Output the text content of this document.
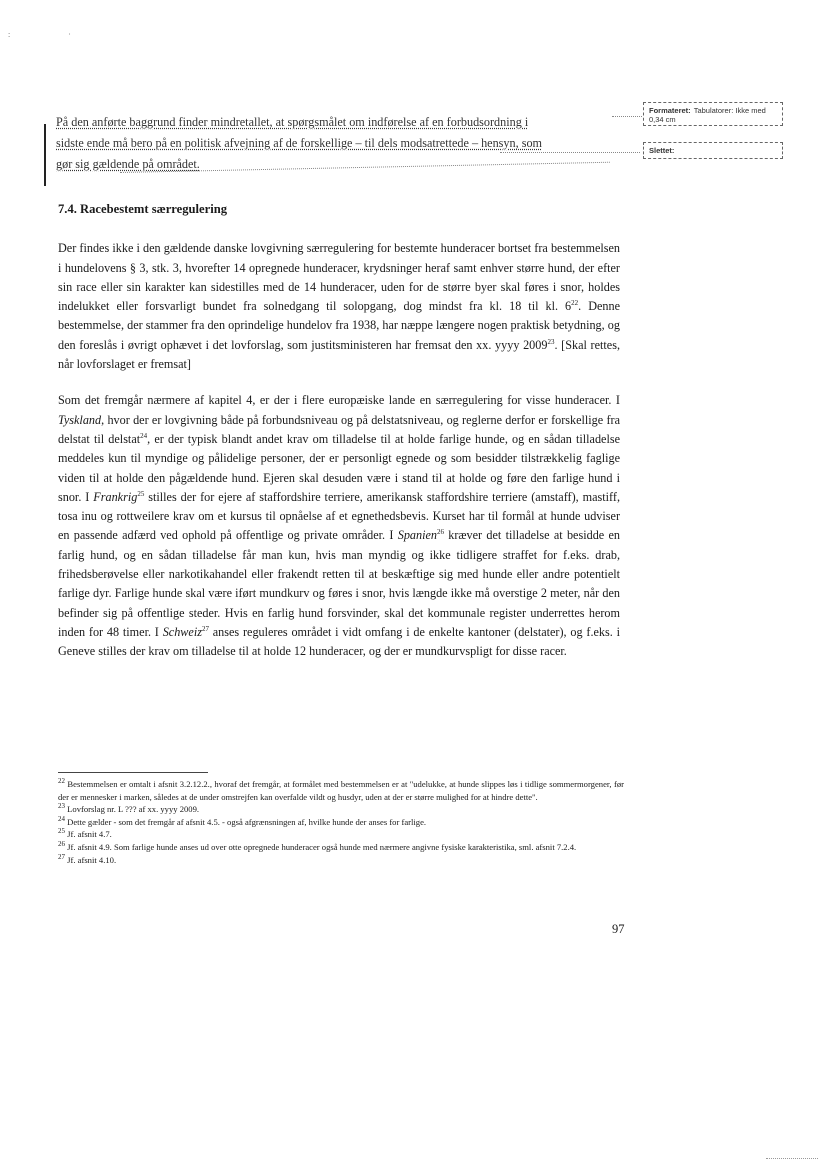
: ·

På den anførte baggrund finder mindretallet, at spørgsmålet om indførelse af en forbudsordning i

sidste ende må bero på en politisk afvejning af de forskellige – til dels modsatrettede – hensyn, som

gør sig gældende på området.

Formateret: Tabulatorer: Ikke med 0,34 cm
Slettet:
7.4. Racebestemt særregulering

Der findes ikke i den gældende danske lovgivning særregulering for bestemte hunderacer bortset fra bestemmelsen i hundelovens § 3, stk. 3, hvorefter 14 opregnede hunderacer, krydsninger heraf samt enhver større hund, der efter sin race eller sin karakter kan sidestilles med de 14 hunderacer, uden for de større byer skal føres i snor, holdes indelukket eller forsvarligt bundet fra solnedgang til solopgang, dog mindst fra kl. 18 til kl. $6^{22}$. Denne bestemmelse, der stammer fra den oprindelige hundelov fra 1938, har næppe længere nogen praktisk betydning, og den foreslås i øvrigt ophævet i det lovforslag, som justitsministeren har fremsat den xx. yyyy 2009$^{23}$. [Skal rettes, når lovforslaget er fremsat]

Som det fremgår nærmere af kapitel 4, er der i flere europæiske lande en særregulering for visse hunderacer. I Tyskland, hvor der er lovgivning både på forbundsniveau og på delstatsniveau, og reglerne derfor er forskellige fra delstat til delstat$^{24}$, er der typisk blandt andet krav om tilladelse til at holde farlige hunde, og en sådan tilladelse meddeles kun til myndige og pålidelige personer, der er personligt egnede og som besidder tilstrækkelig faglige viden til at holde den pågældende hund. Ejeren skal desuden være i stand til at holde og føre den farlige hund i snor. I Frankrig$^{25}$ stilles der for ejere af staffordshire terriere, amerikansk staffordshire terriere (amstaff), mastiff, tosa inu og rottweilere krav om et kursus til opnåelse af et egnethedsbevis. Kurset har til formål at hunde udviser en passende adfærd ved ophold på offentlige og private områder. I Spanien$^{26}$ kræver det tilladelse at besidde en farlig hund, og en sådan tilladelse får man kun, hvis man myndig og ikke tidligere straffet for f.eks. drab, frihedsberøvelse eller narkotikahandel eller frakendt retten til at beskæftige sig med hunde eller andre potentielt farlige dyr. Farlige hunde skal være iført mundkurv og føres i snor, hvis længde ikke må overstige 2 meter, når den befinder sig på offentlige steder. Hvis en farlig hund forsvinder, skal det kommunale register underrettes herom inden for 48 timer. I Schweiz$^{27}$ anses reguleres området i vidt omfang i de enkelte kantoner (delstater), og f.eks. i Geneve stilles der krav om tilladelse til at holde 12 hunderacer, og der er mundkurvspligt for disse racer.

$^{22}$ Bestemmelsen er omtalt i afsnit 3.2.12.2., hvoraf det fremgår, at formålet med bestemmelsen er at "udelukke, at hunde slippes løs i tidlige sommermorgener, før der er mennesker i marken, således at de under omstrejfen kan overfalde vildt og husdyr, uden at der er større mulighed for at hindre dette".
$^{23}$ Lovforslag nr. L ??? af xx. yyyy 2009.
$^{24}$ Dette gælder - som det fremgår af afsnit 4.5. - også afgrænsningen af, hvilke hunde der anses for farlige.
$^{25}$ Jf. afsnit 4.7.
$^{26}$ Jf. afsnit 4.9. Som farlige hunde anses ud over otte opregnede hunderacer også hunde med nærmere angivne fysiske karakteristika, sml. afsnit 7.2.4.
$^{27}$ Jf. afsnit 4.10.
97
